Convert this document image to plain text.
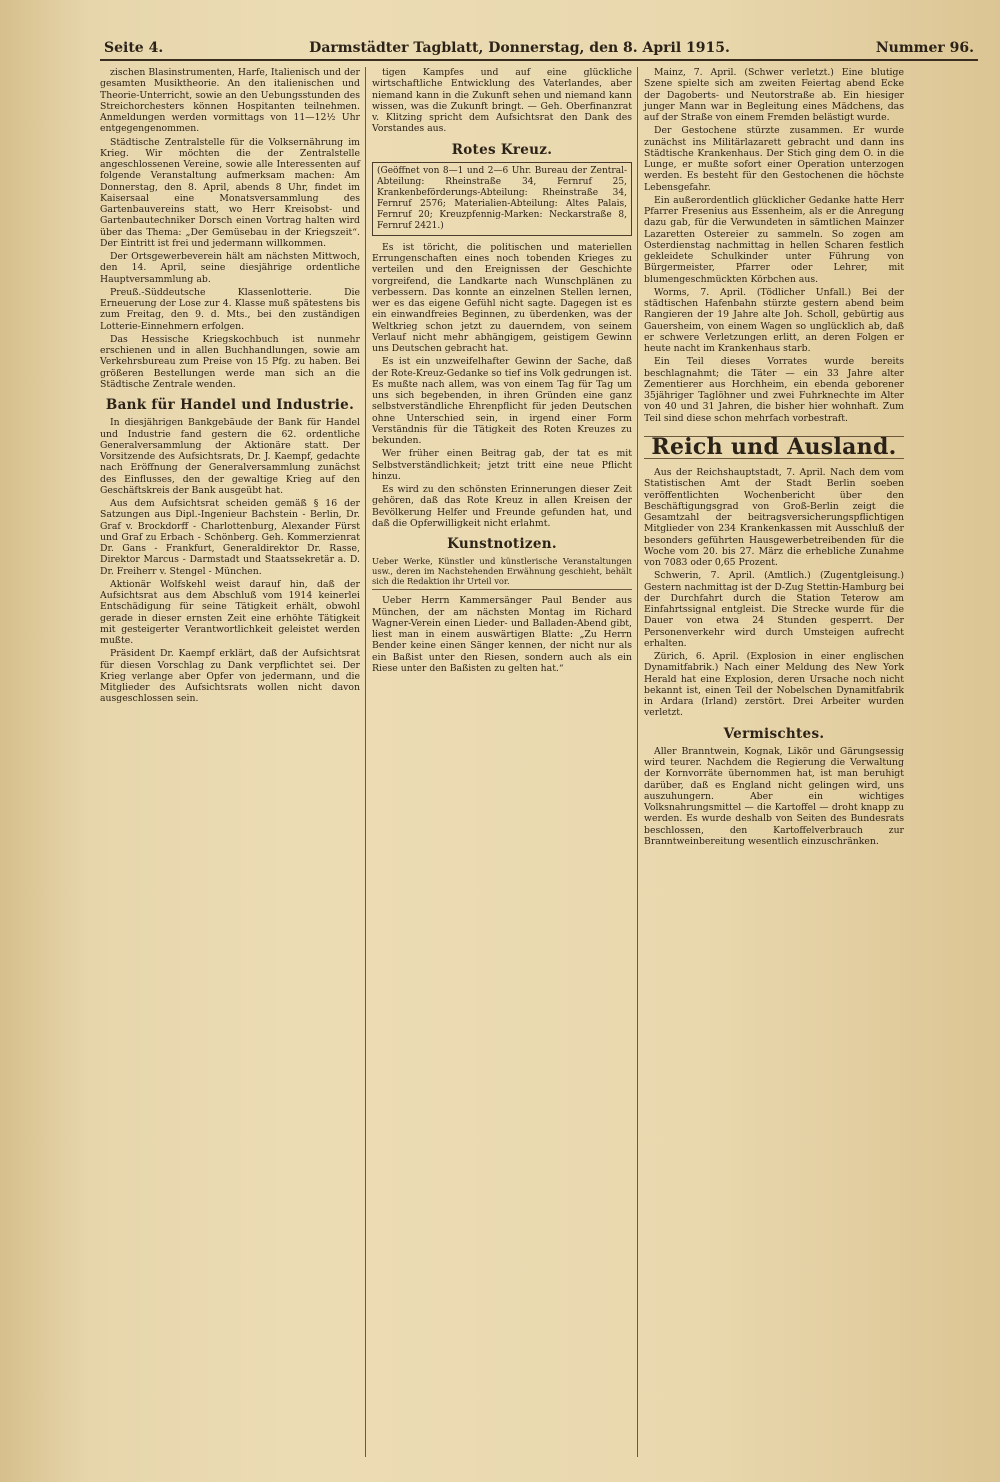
Seite 4.	Darmstädter Tagblatt, Donnerstag, den 8. April 1915.	Nummer 96.

zischen Blasinstrumenten, Harfe, Italienisch und der gesamten Musiktheorie. An den italienischen und Theorie-Unterricht, sowie an den Uebungsstunden des Streichorchesters können Hospitanten teilnehmen. Anmeldungen werden vormittags von 11—12½ Uhr entgegengenommen.

Städtische Zentralstelle für die Volksernährung im Krieg. Wir möchten die der Zentralstelle angeschlossenen Vereine, sowie alle Interessenten auf folgende Veranstaltung aufmerksam machen: Am Donnerstag, den 8. April, abends 8 Uhr, findet im Kaisersaal eine Monatsversammlung des Gartenbauvereins statt, wo Herr Kreisobst- und Gartenbautechniker Dorsch einen Vortrag halten wird über das Thema: „Der Gemüsebau in der Kriegszeit“. Der Eintritt ist frei und jedermann willkommen.

Der Ortsgewerbeverein hält am nächsten Mittwoch, den 14. April, seine diesjährige ordentliche Hauptversammlung ab.

Preuß.-Süddeutsche Klassenlotterie. Die Erneuerung der Lose zur 4. Klasse muß spätestens bis zum Freitag, den 9. d. Mts., bei den zuständigen Lotterie-Einnehmern erfolgen.

Das Hessische Kriegskochbuch ist nunmehr erschienen und in allen Buchhandlungen, sowie am Verkehrsbureau zum Preise von 15 Pfg. zu haben. Bei größeren Bestellungen werde man sich an die Städtische Zentrale wenden.

Bank für Handel und Industrie.

In diesjährigen Bankgebäude der Bank für Handel und Industrie fand gestern die 62. ordentliche Generalversammlung der Aktionäre statt. Der Vorsitzende des Aufsichtsrats, Dr. J. Kaempf, gedachte nach Eröffnung der Generalversammlung zunächst des Einflusses, den der gewaltige Krieg auf den Geschäftskreis der Bank ausgeübt hat.

Aus dem Aufsichtsrat scheiden gemäß § 16 der Satzungen aus Dipl.-Ingenieur Bachstein - Berlin, Dr. Graf v. Brockdorff - Charlottenburg, Alexander Fürst und Graf zu Erbach - Schönberg. Geh. Kommerzienrat Dr. Gans - Frankfurt, Generaldirektor Dr. Rasse, Direktor Marcus - Darmstadt und Staatssekretär a. D. Dr. Freiherr v. Stengel - München.

Aktionär Wolfskehl weist darauf hin, daß der Aufsichtsrat aus dem Abschluß vom 1914 keinerlei Entschädigung für seine Tätigkeit erhält, obwohl gerade in dieser ernsten Zeit eine erhöhte Tätigkeit mit gesteigerter Verantwortlichkeit geleistet werden mußte.

Präsident Dr. Kaempf erklärt, daß der Aufsichtsrat für diesen Vorschlag zu Dank verpflichtet sei. Der Krieg verlange aber Opfer von jedermann, und die Mitglieder des Aufsichtsrats wollen nicht davon ausgeschlossen sein.

tigen Kampfes und auf eine glückliche wirtschaftliche Entwicklung des Vaterlandes, aber niemand kann in die Zukunft sehen und niemand kann wissen, was die Zukunft bringt. — Geh. Oberfinanzrat v. Klitzing spricht dem Aufsichtsrat den Dank des Vorstandes aus.

Rotes Kreuz.
(Geöffnet von 8—1 und 2—6 Uhr. Bureau der Zentral-Abteilung: Rheinstraße 34, Fernruf 25, Krankenbeförderungs-Abteilung: Rheinstraße 34, Fernruf 2576; Materialien-Abteilung: Altes Palais, Fernruf 20; Kreuzpfennig-Marken: Neckarstraße 8, Fernruf 2421.)

Es ist töricht, die politischen und materiellen Errungenschaften eines noch tobenden Krieges zu verteilen und den Ereignissen der Geschichte vorgreifend, die Landkarte nach Wunschplänen zu verbessern. Das konnte an einzelnen Stellen lernen, wer es das eigene Gefühl nicht sagte. Dagegen ist es ein einwandfreies Beginnen, zu überdenken, was der Weltkrieg schon jetzt zu dauerndem, von seinem Verlauf nicht mehr abhängigem, geistigem Gewinn uns Deutschen gebracht hat.

Es ist ein unzweifelhafter Gewinn der Sache, daß der Rote-Kreuz-Gedanke so tief ins Volk gedrungen ist. Es mußte nach allem, was von einem Tag für Tag um uns sich begebenden, in ihren Gründen eine ganz selbstverständliche Ehrenpflicht für jeden Deutschen ohne Unterschied sein, in irgend einer Form Verständnis für die Tätigkeit des Roten Kreuzes zu bekunden.

Wer früher einen Beitrag gab, der tat es mit Selbstverständlichkeit; jetzt tritt eine neue Pflicht hinzu.

Es wird zu den schönsten Erinnerungen dieser Zeit gehören, daß das Rote Kreuz in allen Kreisen der Bevölkerung Helfer und Freunde gefunden hat, und daß die Opferwilligkeit nicht erlahmt.

Kunstnotizen.
Ueber Werke, Künstler und künstlerische Veranstaltungen usw., deren im Nachstehenden Erwähnung geschieht, behält sich die Redaktion ihr Urteil vor.

Ueber Herrn Kammersänger Paul Bender aus München, der am nächsten Montag im Richard Wagner-Verein einen Lieder- und Balladen-Abend gibt, liest man in einem auswärtigen Blatte: „Zu Herrn Bender keine einen Sänger kennen, der nicht nur als ein Baßist unter den Riesen, sondern auch als ein Riese unter den Baßisten zu gelten hat.“

Mainz, 7. April. (Schwer verletzt.) Eine blutige Szene spielte sich am zweiten Feiertag abend Ecke der Dagoberts- und Neutorstraße ab. Ein hiesiger junger Mann war in Begleitung eines Mädchens, das auf der Straße von einem Fremden belästigt wurde.

Der Gestochene stürzte zusammen. Er wurde zunächst ins Militärlazarett gebracht und dann ins Städtische Krankenhaus. Der Stich ging dem O. in die Lunge, er mußte sofort einer Operation unterzogen werden. Es besteht für den Gestochenen die höchste Lebensgefahr.

Ein außerordentlich glücklicher Gedanke hatte Herr Pfarrer Fresenius aus Essenheim, als er die Anregung dazu gab, für die Verwundeten in sämtlichen Mainzer Lazaretten Ostereier zu sammeln. So zogen am Osterdienstag nachmittag in hellen Scharen festlich gekleidete Schulkinder unter Führung von Bürgermeister, Pfarrer oder Lehrer, mit blumengeschmückten Körbchen aus.

Worms, 7. April. (Tödlicher Unfall.) Bei der städtischen Hafenbahn stürzte gestern abend beim Rangieren der 19 Jahre alte Joh. Scholl, gebürtig aus Gauersheim, von einem Wagen so unglücklich ab, daß er schwere Verletzungen erlitt, an deren Folgen er heute nacht im Krankenhaus starb.

Ein Teil dieses Vorrates wurde bereits beschlagnahmt; die Täter — ein 33 Jahre alter Zementierer aus Horchheim, ein ebenda geborener 35jähriger Taglöhner und zwei Fuhrknechte im Alter von 40 und 31 Jahren, die bisher hier wohnhaft. Zum Teil sind diese schon mehrfach vorbestraft.

Reich und Ausland.

Aus der Reichshauptstadt, 7. April. Nach dem vom Statistischen Amt der Stadt Berlin soeben veröffentlichten Wochenbericht über den Beschäftigungsgrad von Groß-Berlin zeigt die Gesamtzahl der beitragsversicherungspflichtigen Mitglieder von 234 Krankenkassen mit Ausschluß der besonders geführten Hausgewerbetreibenden für die Woche vom 20. bis 27. März die erhebliche Zunahme von 7083 oder 0,65 Prozent.

Schwerin, 7. April. (Amtlich.) (Zugentgleisung.) Gestern nachmittag ist der D-Zug Stettin-Hamburg bei der Durchfahrt durch die Station Teterow am Einfahrtssignal entgleist. Die Strecke wurde für die Dauer von etwa 24 Stunden gesperrt. Der Personenverkehr wird durch Umsteigen aufrecht erhalten.

Zürich, 6. April. (Explosion in einer englischen Dynamitfabrik.) Nach einer Meldung des New York Herald hat eine Explosion, deren Ursache noch nicht bekannt ist, einen Teil der Nobelschen Dynamitfabrik in Ardara (Irland) zerstört. Drei Arbeiter wurden verletzt.

Vermischtes.

Aller Branntwein, Kognak, Likör und Gärungsessig wird teurer. Nachdem die Regierung die Verwaltung der Kornvorräte übernommen hat, ist man beruhigt darüber, daß es England nicht gelingen wird, uns auszuhungern. Aber ein wichtiges Volksnahrungsmittel — die Kartoffel — droht knapp zu werden. Es wurde deshalb von Seiten des Bundesrats beschlossen, den Kartoffelverbrauch zur Branntweinbereitung wesentlich einzuschränken.
